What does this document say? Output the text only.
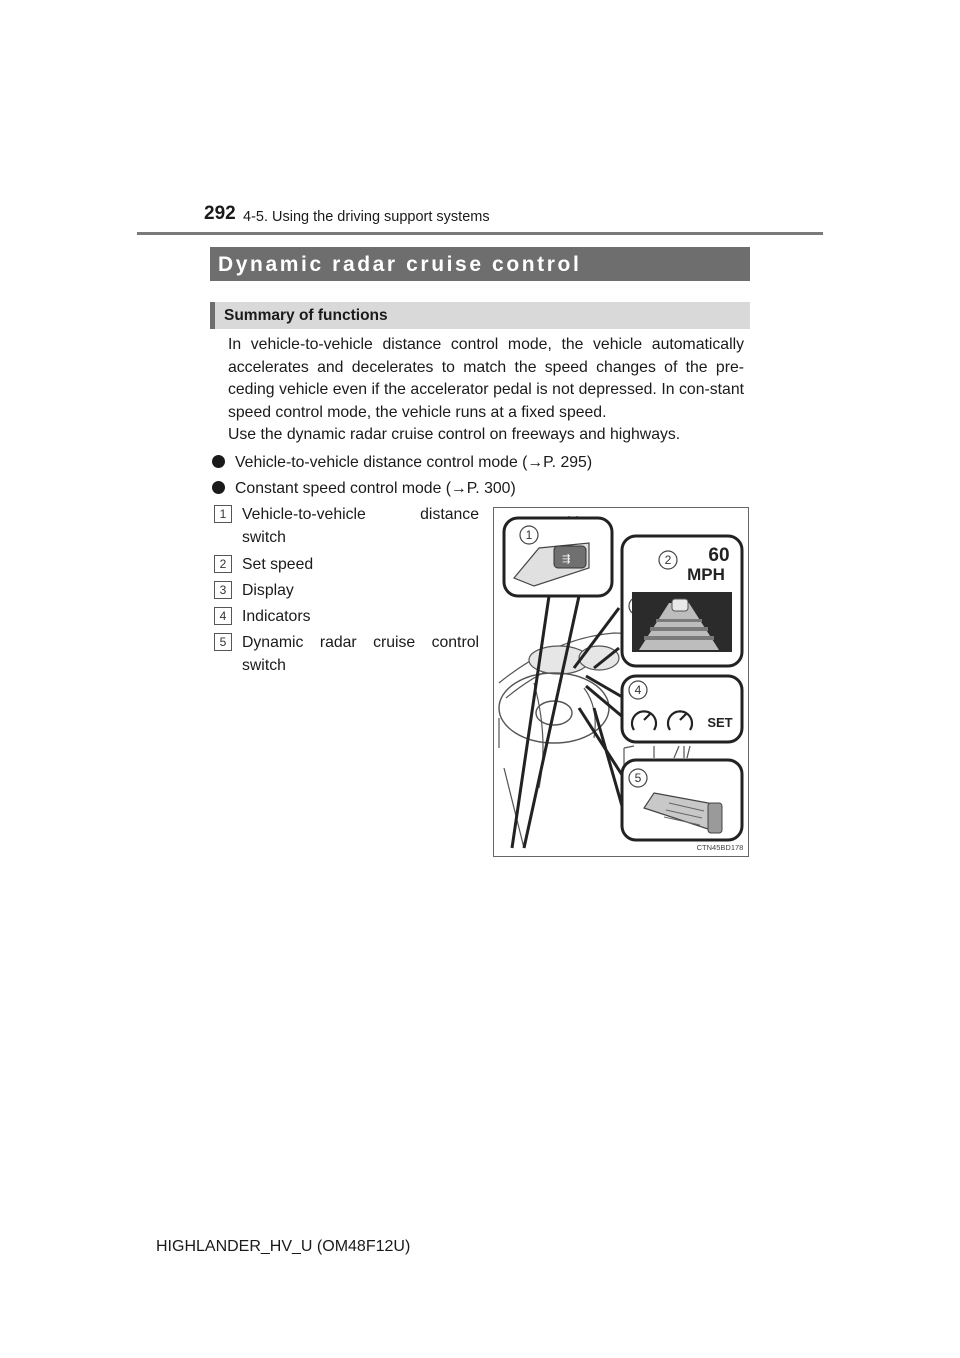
292 4-5. Using the driving support systems
Dynamic radar cruise control
Summary of functions
In vehicle-to-vehicle distance control mode, the vehicle automatically accelerates and decelerates to match the speed changes of the pre-ceding vehicle even if the accelerator pedal is not depressed. In con-stant speed control mode, the vehicle runs at a fixed speed.
Use the dynamic radar cruise control on freeways and highways.
Vehicle-to-vehicle distance control mode (→P. 295)
Constant speed control mode (→P. 300)
1 Vehicle-to-vehicle distance
switch
2 Set speed
3 Display
4 Indicators
5 Dynamic radar cruise control
switch
⇶	2 60
MPH
4
SET
5
1
CTN45BD178
HIGHLANDER_HV_U (OM48F12U)
